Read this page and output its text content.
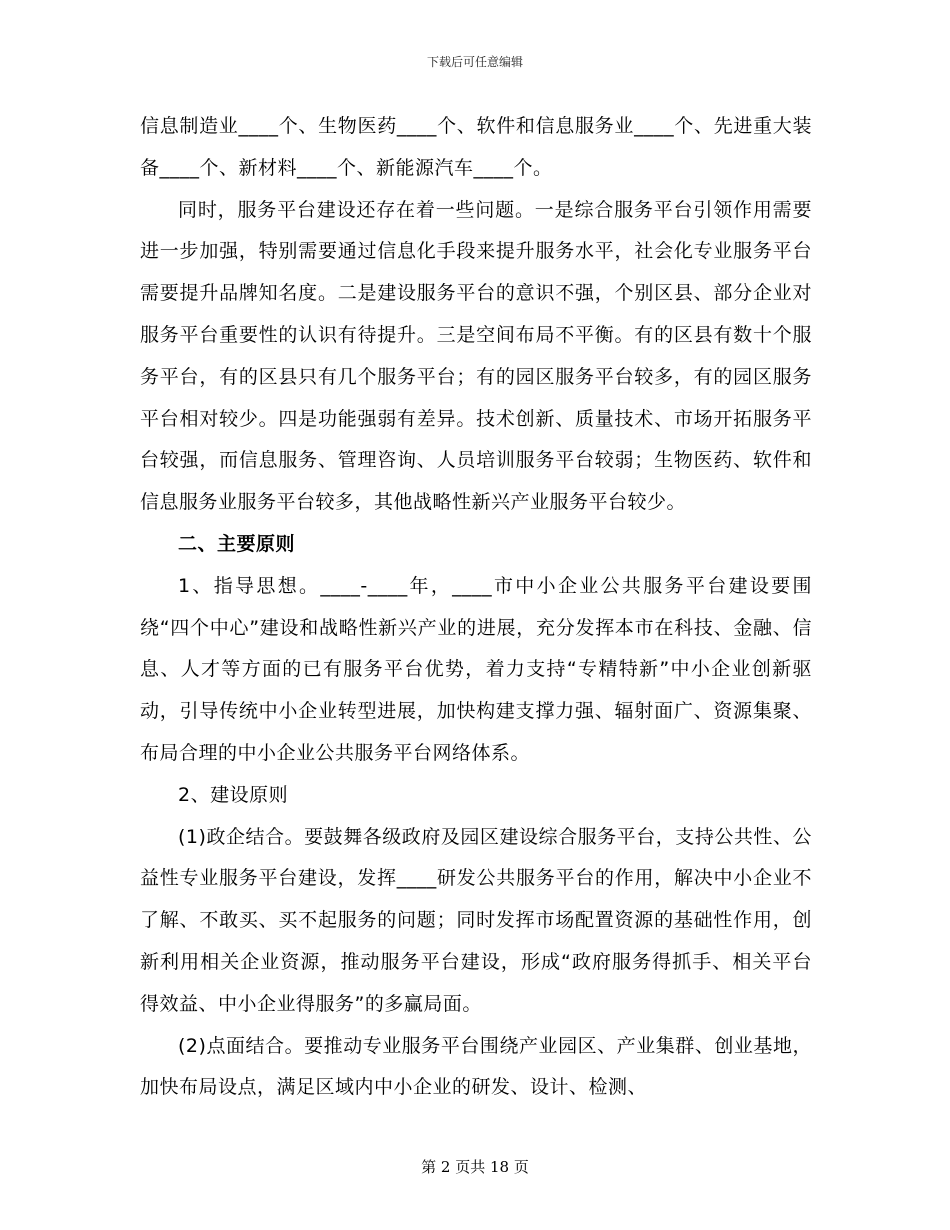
下载后可任意编辑

信息制造业____个、生物医药____个、软件和信息服务业____个、先进重大装备____个、新材料____个、新能源汽车____个。

同时，服务平台建设还存在着一些问题。一是综合服务平台引领作用需要进一步加强，特别需要通过信息化手段来提升服务水平，社会化专业服务平台需要提升品牌知名度。二是建设服务平台的意识不强，个别区县、部分企业对服务平台重要性的认识有待提升。三是空间布局不平衡。有的区县有数十个服务平台，有的区县只有几个服务平台；有的园区服务平台较多，有的园区服务平台相对较少。四是功能强弱有差异。技术创新、质量技术、市场开拓服务平台较强，而信息服务、管理咨询、人员培训服务平台较弱；生物医药、软件和信息服务业服务平台较多，其他战略性新兴产业服务平台较少。

二、主要原则

1、指导思想。____-____年，____市中小企业公共服务平台建设要围绕“四个中心”建设和战略性新兴产业的进展，充分发挥本市在科技、金融、信息、人才等方面的已有服务平台优势，着力支持“专精特新”中小企业创新驱动，引导传统中小企业转型进展，加快构建支撑力强、辐射面广、资源集聚、布局合理的中小企业公共服务平台网络体系。

2、建设原则

(1)政企结合。要鼓舞各级政府及园区建设综合服务平台，支持公共性、公益性专业服务平台建设，发挥____研发公共服务平台的作用，解决中小企业不了解、不敢买、买不起服务的问题；同时发挥市场配置资源的基础性作用，创新利用相关企业资源，推动服务平台建设，形成“政府服务得抓手、相关平台得效益、中小企业得服务”的多赢局面。

(2)点面结合。要推动专业服务平台围绕产业园区、产业集群、创业基地，加快布局设点，满足区域内中小企业的研发、设计、检测、

第 2 页共 18 页
